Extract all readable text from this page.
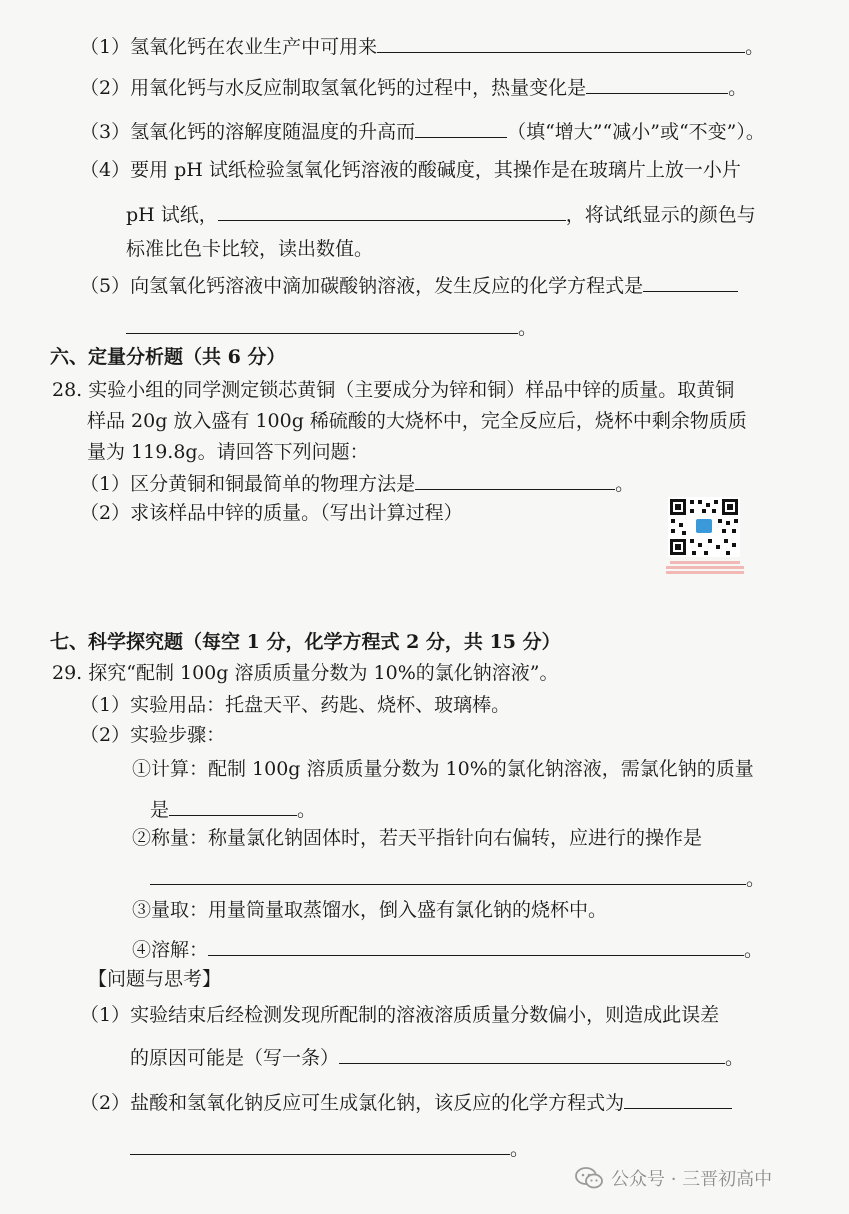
（1）氢氧化钙在农业生产中可用来	。
（2）用氧化钙与水反应制取氢氧化钙的过程中，热量变化是	。
（3）氢氧化钙的溶解度随温度的升高而	（填“增大”“减小”或“不变”）。
（4）要用 pH 试纸检验氢氧化钙溶液的酸碱度，其操作是在玻璃片上放一小片
pH 试纸，	，将试纸显示的颜色与
标准比色卡比较，读出数值。
（5）向氢氧化钙溶液中滴加碳酸钠溶液，发生反应的化学方程式是
。
六、定量分析题（共 6 分）
28. 实验小组的同学测定锁芯黄铜（主要成分为锌和铜）样品中锌的质量。取黄铜
样品 20g 放入盛有 100g 稀硫酸的大烧杯中，完全反应后，烧杯中剩余物质质
量为 119.8g。请回答下列问题：
（1）区分黄铜和铜最简单的物理方法是	。
（2）求该样品中锌的质量。（写出计算过程）
七、科学探究题（每空 1 分，化学方程式 2 分，共 15 分）
29. 探究“配制 100g 溶质质量分数为 10%的氯化钠溶液”。
（1）实验用品：托盘天平、药匙、烧杯、玻璃棒。
（2）实验步骤：
①计算：配制 100g 溶质质量分数为 10%的氯化钠溶液，需氯化钠的质量
是	。
②称量：称量氯化钠固体时，若天平指针向右偏转，应进行的操作是
。
③量取：用量筒量取蒸馏水，倒入盛有氯化钠的烧杯中。
④溶解：	。
【问题与思考】
（1）实验结束后经检测发现所配制的溶液溶质质量分数偏小，则造成此误差
的原因可能是（写一条）	。
（2）盐酸和氢氧化钠反应可生成氯化钠，该反应的化学方程式为
。
公众号 · 三晋初高中
